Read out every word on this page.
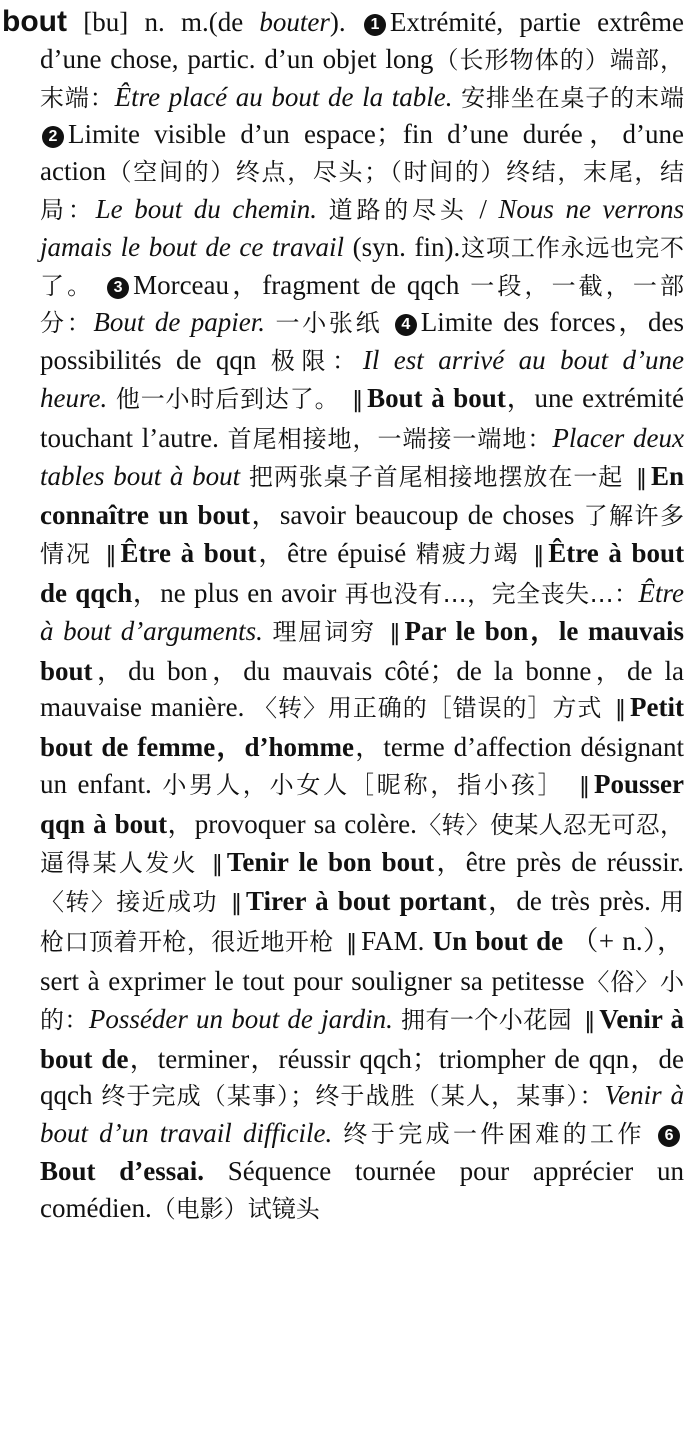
bout [bu] n. m.(de bouter). 1 Extrémité, partie extrême d’une chose, partic. d’un objet long（长形物体的）端部，末端：Être placé au bout de la table. 安排坐在桌子的末端 2 Limite visible d’un espace；fin d’une durée，d’une action（空间的）终点，尽头；（时间的）终结，末尾，结局：Le bout du chemin. 道路的尽头 / Nous ne verrons jamais le bout de ce travail (syn. fin).这项工作永远也完不了。 3 Morceau，fragment de qqch 一段，一截，一部分：Bout de papier. 一小张纸 4 Limite des forces，des possibilités de qqn 极限：Il est arrivé au bout d’une heure. 他一小时后到达了。 ‖ Bout à bout，une extrémité touchant l’autre. 首尾相接地，一端接一端地：Placer deux tables bout à bout 把两张桌子首尾相接地摆放在一起 ‖ En connaître un bout，savoir beaucoup de choses 了解许多情况 ‖ Être à bout，être épuisé 精疲力竭 ‖ Être à bout de qqch，ne plus en avoir 再也没有…，完全丧失…：Être à bout d’arguments. 理屈词穷 ‖ Par le bon，le mauvais bout，du bon，du mauvais côté；de la bonne，de la mauvaise manière. 〈转〉用正确的［错误的］方式 ‖ Petit bout de femme，d’homme，terme d’affection désignant un enfant. 小男人，小女人［昵称，指小孩］ ‖ Pousser qqn à bout，provoquer sa colère.〈转〉使某人忍无可忍，逼得某人发火 ‖ Tenir le bon bout，être près de réussir.〈转〉接近成功 ‖ Tirer à bout portant，de très près. 用枪口顶着开枪，很近地开枪 ‖ FAM. Un bout de （+ n.），sert à exprimer le tout pour souligner sa petitesse〈俗〉小的：Posséder un bout de jardin. 拥有一个小花园 ‖ Venir à bout de，terminer，réussir qqch；triompher de qqn，de qqch 终于完成（某事）；终于战胜（某人，某事）：Venir à bout d’un travail difficile. 终于完成一件困难的工作 6Bout d’essai. Séquence tournée pour apprécier un comédien.（电影）试镜头
